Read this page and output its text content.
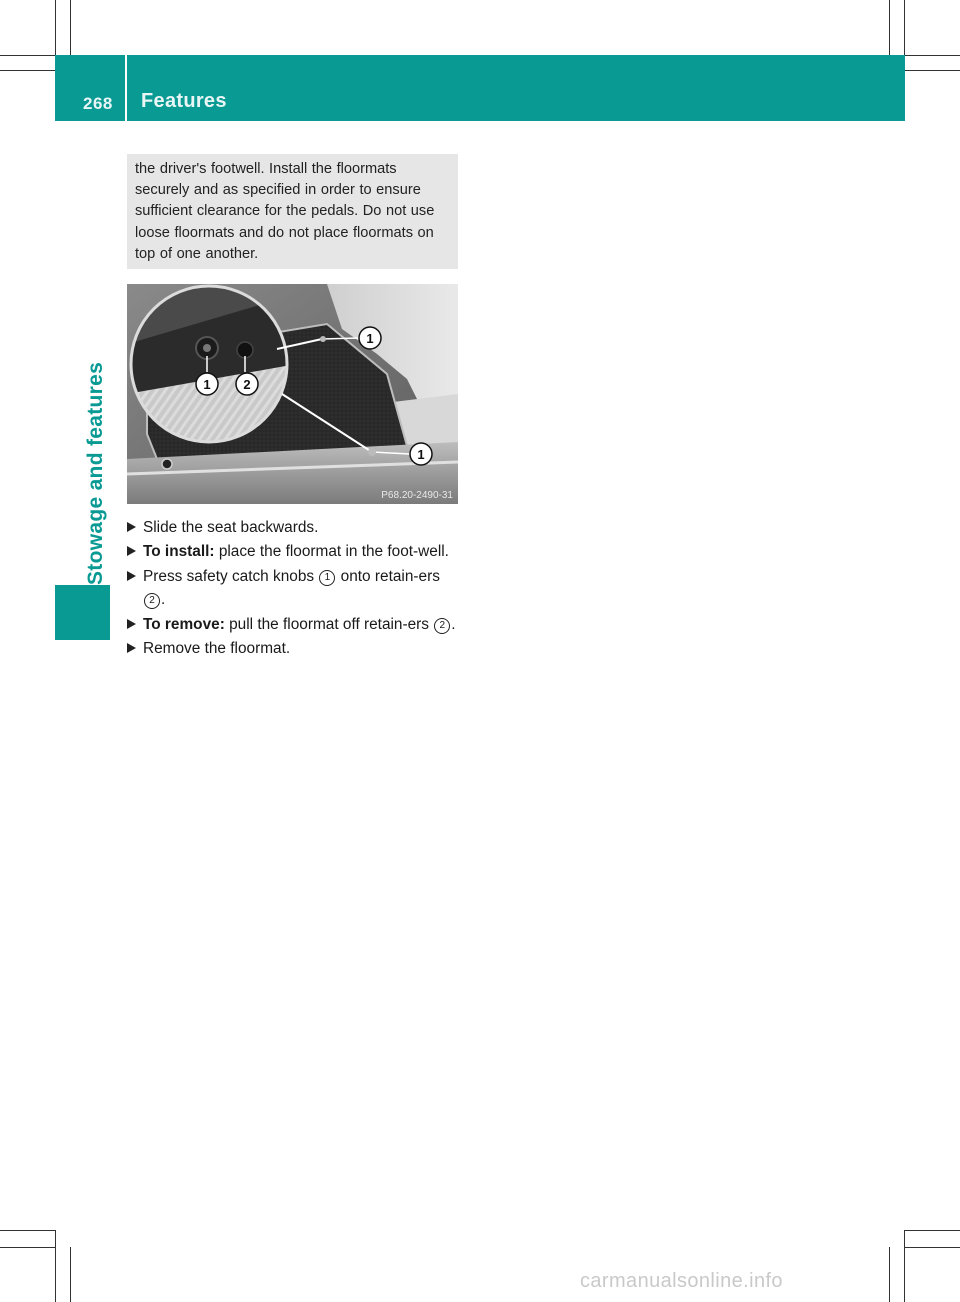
268 Features
Stowage and features
the driver's footwell. Install the floormats securely and as specified in order to ensure sufficient clearance for the pedals. Do not use loose floormats and do not place floormats on top of one another.
1
1
1	2
P68.20-2490-31
Slide the seat backwards.
To install: place the floormat in the foot-well.
Press safety catch knobs 1 onto retain-ers 2 .
To remove: pull the floormat off retain-ers 2 .
Remove the floormat.
carmanualsonline.info
